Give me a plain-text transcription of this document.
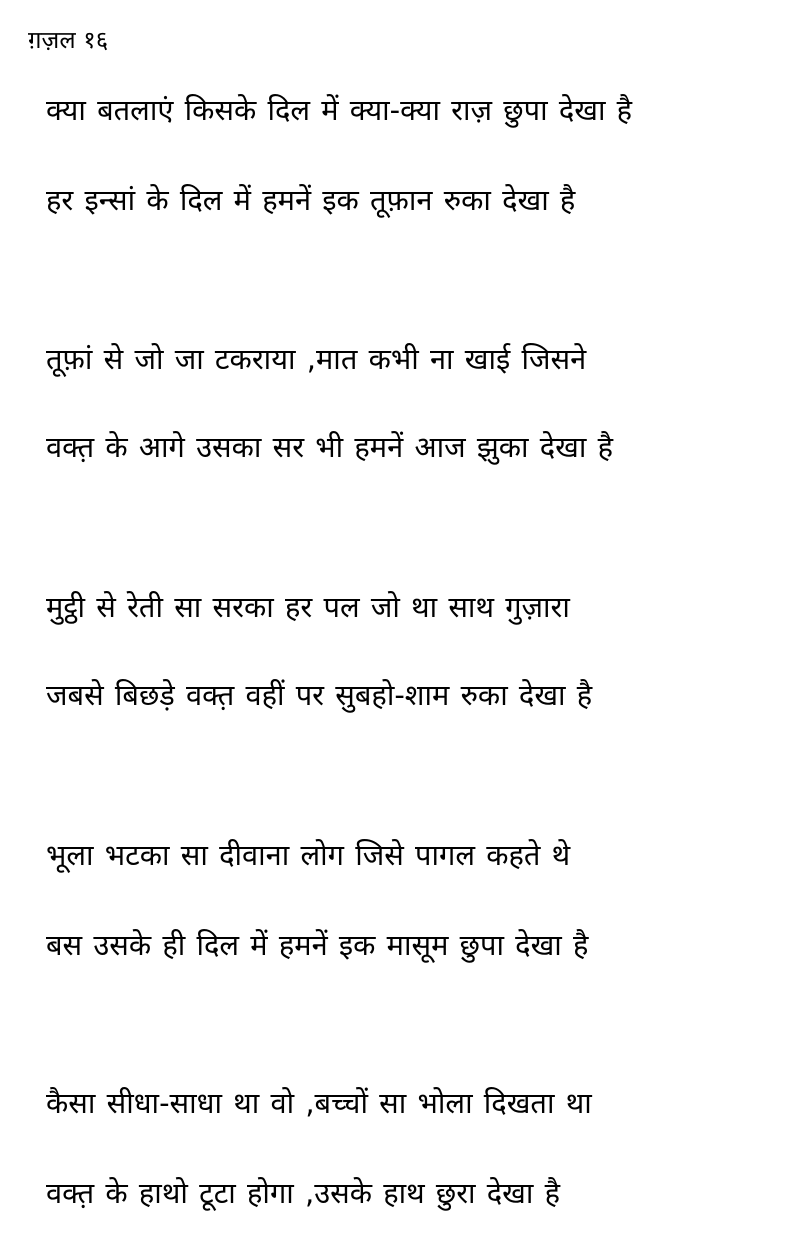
ग़ज़ल १६
क्या बतलाएं किसके दिल में क्या-क्या राज़ छुपा देखा है
हर इन्सां के दिल में हमनें इक तूफ़ान रुका देखा है
तूफ़ां से जो जा टकराया ,मात कभी ना खाई जिसने
वक्त़ के आगे उसका सर भी हमनें आज झुका देखा है
मुट्ठी से रेती सा सरका हर पल जो था साथ गुज़ारा
जबसे बिछड़े वक्त़ वहीं पर सुबहो-शाम रुका देखा है
भूला भटका सा दीवाना लोग जिसे पागल कहते थे
बस उसके ही दिल में हमनें इक मासूम छुपा देखा है
कैसा सीधा-साधा था वो ,बच्चों सा भोला दिखता था
वक्त़ के हाथो टूटा होगा ,उसके हाथ छुरा देखा है
